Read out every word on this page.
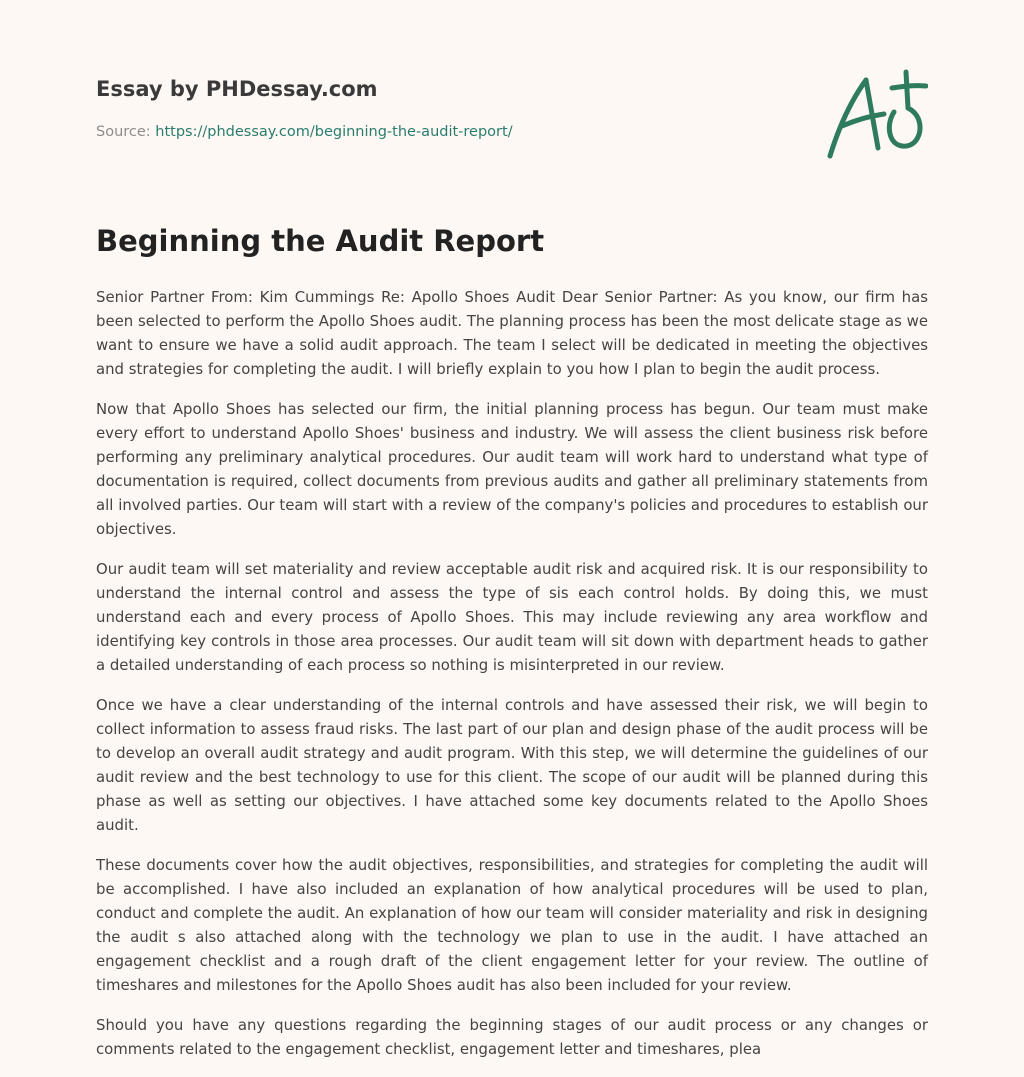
Essay by PHDessay.com
Source: https://phdessay.com/beginning-the-audit-report/
Beginning the Audit Report

Senior Partner From: Kim Cummings Re: Apollo Shoes Audit Dear Senior Partner: As you know, our firm has been selected to perform the Apollo Shoes audit. The planning process has been the most delicate stage as we want to ensure we have a solid audit approach. The team I select will be dedicated in meeting the objectives and strategies for completing the audit. I will briefly explain to you how I plan to begin the audit process.

Now that Apollo Shoes has selected our firm, the initial planning process has begun. Our team must make every effort to understand Apollo Shoes' business and industry. We will assess the client business risk before performing any preliminary analytical procedures. Our audit team will work hard to understand what type of documentation is required, collect documents from previous audits and gather all preliminary statements from all involved parties. Our team will start with a review of the company's policies and procedures to establish our objectives.

Our audit team will set materiality and review acceptable audit risk and acquired risk. It is our responsibility to understand the internal control and assess the type of sis each control holds. By doing this, we must understand each and every process of Apollo Shoes. This may include reviewing any area workflow and identifying key controls in those area processes. Our audit team will sit down with department heads to gather a detailed understanding of each process so nothing is misinterpreted in our review.

Once we have a clear understanding of the internal controls and have assessed their risk, we will begin to collect information to assess fraud risks. The last part of our plan and design phase of the audit process will be to develop an overall audit strategy and audit program. With this step, we will determine the guidelines of our audit review and the best technology to use for this client. The scope of our audit will be planned during this phase as well as setting our objectives. I have attached some key documents related to the Apollo Shoes audit.

These documents cover how the audit objectives, responsibilities, and strategies for completing the audit will be accomplished. I have also included an explanation of how analytical procedures will be used to plan, conduct and complete the audit. An explanation of how our team will consider materiality and risk in designing the audit s also attached along with the technology we plan to use in the audit. I have attached an engagement checklist and a rough draft of the client engagement letter for your review. The outline of timeshares and milestones for the Apollo Shoes audit has also been included for your review.

Should you have any questions regarding the beginning stages of our audit process or any changes or comments related to the engagement checklist, engagement letter and timeshares, plea
